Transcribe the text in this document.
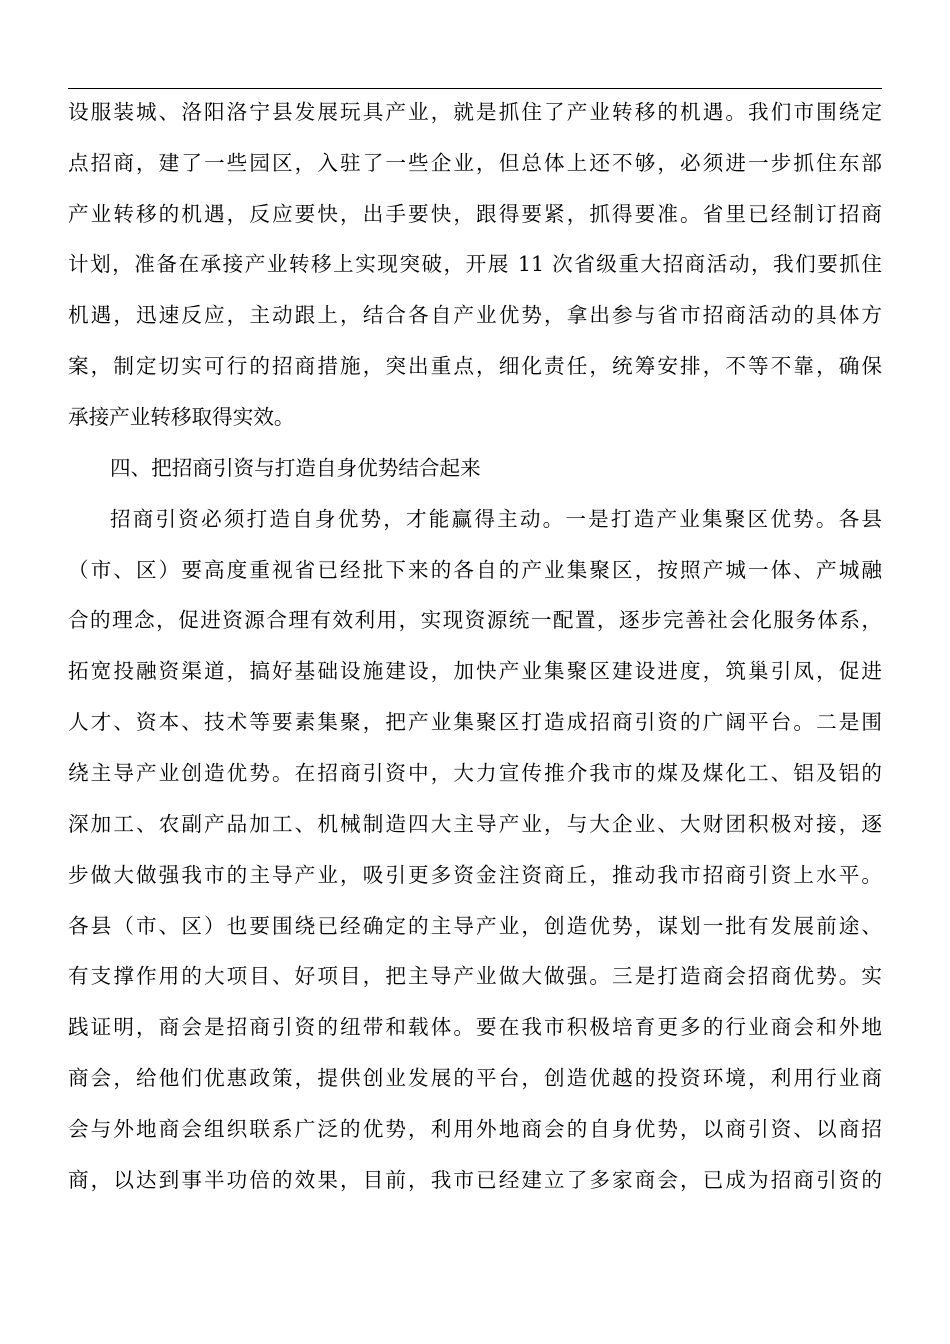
设服装城、洛阳洛宁县发展玩具产业，就是抓住了产业转移的机遇。我们市围绕定
点招商，建了一些园区，入驻了一些企业，但总体上还不够，必须进一步抓住东部
产业转移的机遇，反应要快，出手要快，跟得要紧，抓得要准。省里已经制订招商
计划，准备在承接产业转移上实现突破，开展 11 次省级重大招商活动，我们要抓住
机遇，迅速反应，主动跟上，结合各自产业优势，拿出参与省市招商活动的具体方
案，制定切实可行的招商措施，突出重点，细化责任，统筹安排，不等不靠，确保
承接产业转移取得实效。
四、把招商引资与打造自身优势结合起来
招商引资必须打造自身优势，才能赢得主动。一是打造产业集聚区优势。各县
（市、区）要高度重视省已经批下来的各自的产业集聚区，按照产城一体、产城融
合的理念，促进资源合理有效利用，实现资源统一配置，逐步完善社会化服务体系，
拓宽投融资渠道，搞好基础设施建设，加快产业集聚区建设进度，筑巢引凤，促进
人才、资本、技术等要素集聚，把产业集聚区打造成招商引资的广阔平台。二是围
绕主导产业创造优势。在招商引资中，大力宣传推介我市的煤及煤化工、铝及铝的
深加工、农副产品加工、机械制造四大主导产业，与大企业、大财团积极对接，逐
步做大做强我市的主导产业，吸引更多资金注资商丘，推动我市招商引资上水平。
各县（市、区）也要围绕已经确定的主导产业，创造优势，谋划一批有发展前途、
有支撑作用的大项目、好项目，把主导产业做大做强。三是打造商会招商优势。实
践证明，商会是招商引资的纽带和载体。要在我市积极培育更多的行业商会和外地
商会，给他们优惠政策，提供创业发展的平台，创造优越的投资环境，利用行业商
会与外地商会组织联系广泛的优势，利用外地商会的自身优势，以商引资、以商招
商，以达到事半功倍的效果，目前，我市已经建立了多家商会，已成为招商引资的
